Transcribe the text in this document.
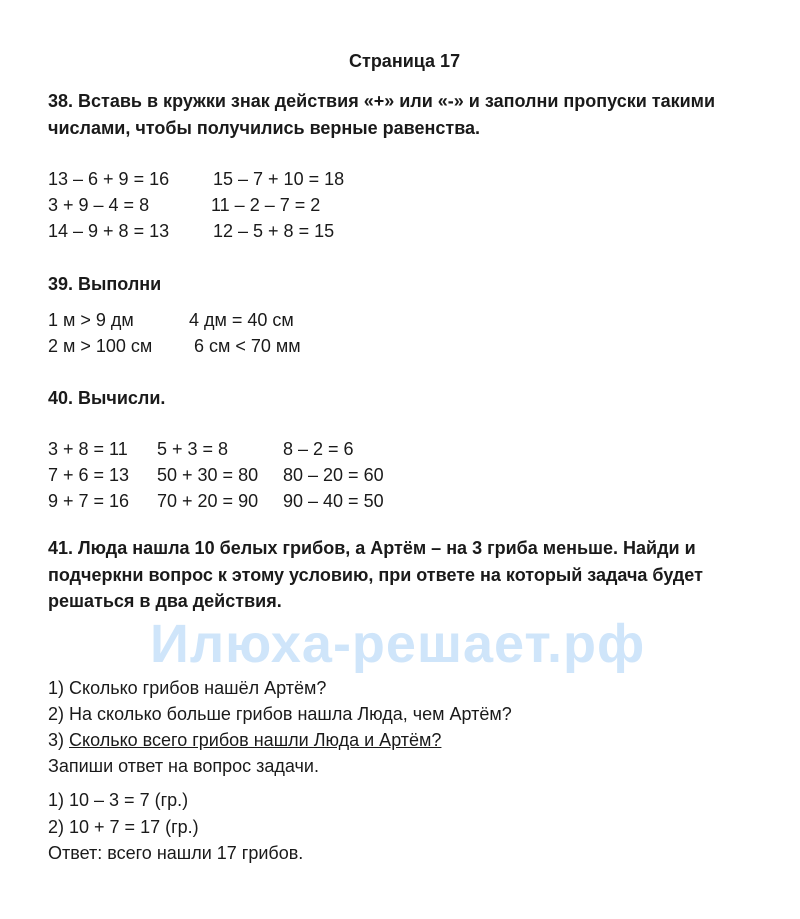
Илюха-решает.рф
Страница 17
38. Вставь в кружки знак действия «+» или «-» и заполни пропуски такими
числами, чтобы получились верные равенства.
13 – 6 + 9 = 16 15 – 7 + 10 = 18
3 + 9 – 4 = 8	11 – 2 – 7 = 2
14 – 9 + 8 = 13 12 – 5 + 8 = 15
39. Выполни
1 м > 9 дм	4 дм = 40 см
2 м > 100 см 6 см < 70 мм
40. Вычисли.
3 + 8 = 11 5 + 3 = 8	8 – 2 = 6
7 + 6 = 13 50 + 30 = 80 80 – 20 = 60
9 + 7 = 16 70 + 20 = 90 90 – 40 = 50
41. Люда нашла 10 белых грибов, а Артём – на 3 гриба меньше. Найди и
подчеркни вопрос к этому условию, при ответе на который задача будет
решаться в два действия.
1) Сколько грибов нашёл Артём?
2) На сколько больше грибов нашла Люда, чем Артём?
3) Сколько всего грибов нашли Люда и Артём?
Запиши ответ на вопрос задачи.
1) 10 – 3 = 7 (гр.)
2) 10 + 7 = 17 (гр.)
Ответ: всего нашли 17 грибов.
